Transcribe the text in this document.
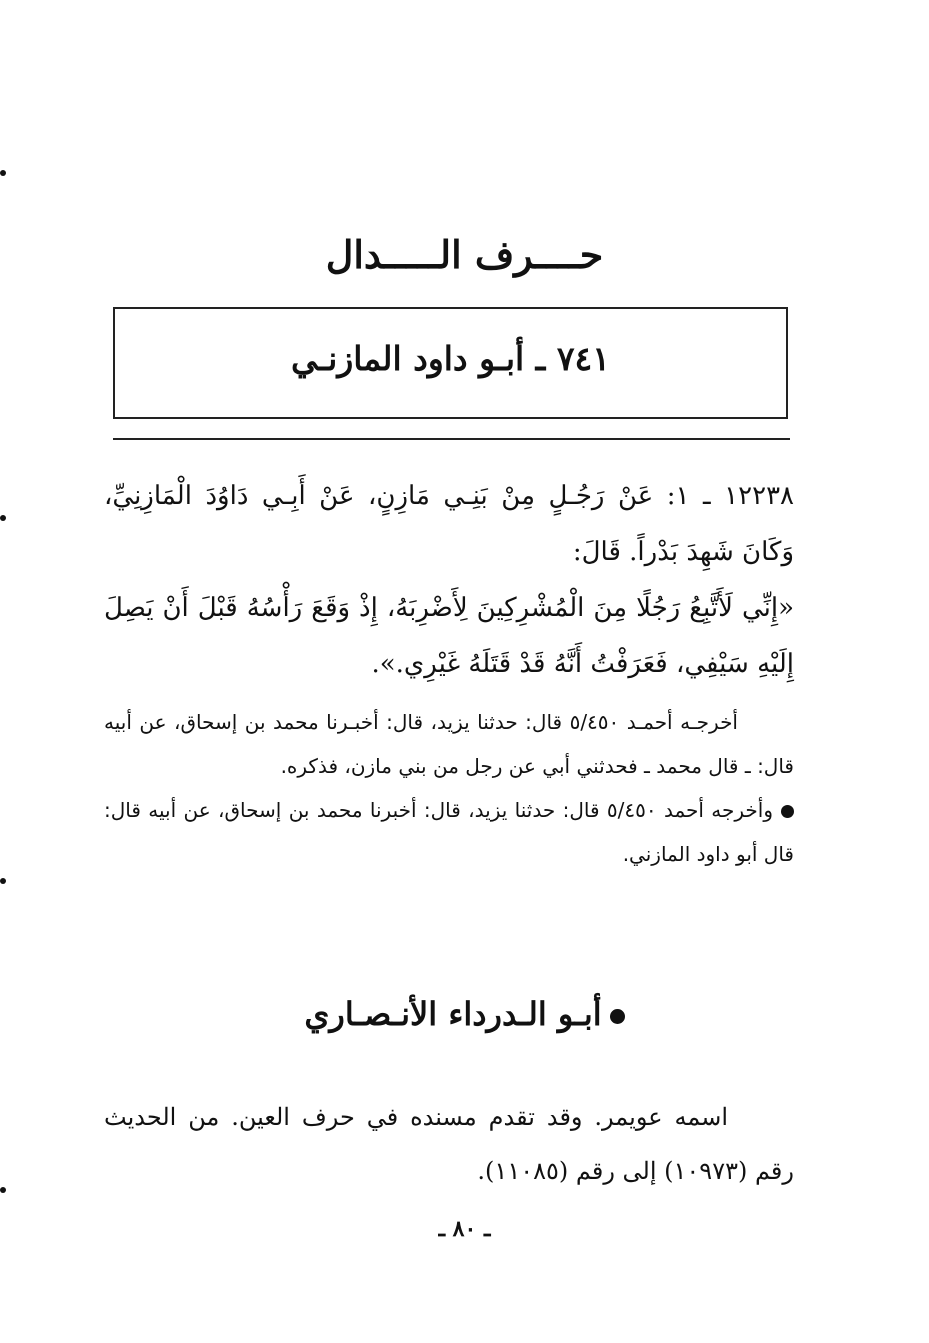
حــــرف الـــــدال
٧٤١ ـ أبـو داود المازنـي

١٢٢٣٨ ـ ١: عَنْ رَجُـلٍ مِنْ بَنِـي مَازِنٍ، عَنْ أَبِـي دَاوُدَ الْمَازِنِيِّ، وَكَانَ شَهِدَ بَدْراً. قَالَ:

«إِنِّي لَأَتَّبِعُ رَجُلًا مِنَ الْمُشْرِكِينَ لِأَضْرِبَهُ، إِذْ وَقَعَ رَأْسُهُ قَبْلَ أَنْ يَصِلَ إِلَيْهِ سَيْفِي، فَعَرَفْتُ أَنَّهُ قَدْ قَتَلَهُ غَيْرِي.».

أخرجـه أحمـد ٥/٤٥٠ قال: حدثنا يزيد، قال: أخبـرنا محمد بن إسحاق، عن أبيه قال: ـ قال محمد ـ فحدثني أبي عن رجل من بني مازن، فذكره.

وأخرجه أحمد ٥/٤٥٠ قال: حدثنا يزيد، قال: أخبرنا محمد بن إسحاق، عن أبيه قال: قال أبو داود المازني.

أبـو الـدرداء الأنـصـاري

اسمه عويمر. وقد تقدم مسنده في حرف العين. من الحديث رقم (١٠٩٧٣) إلى رقم (١١٠٨٥).

ـ ٨٠ ـ
